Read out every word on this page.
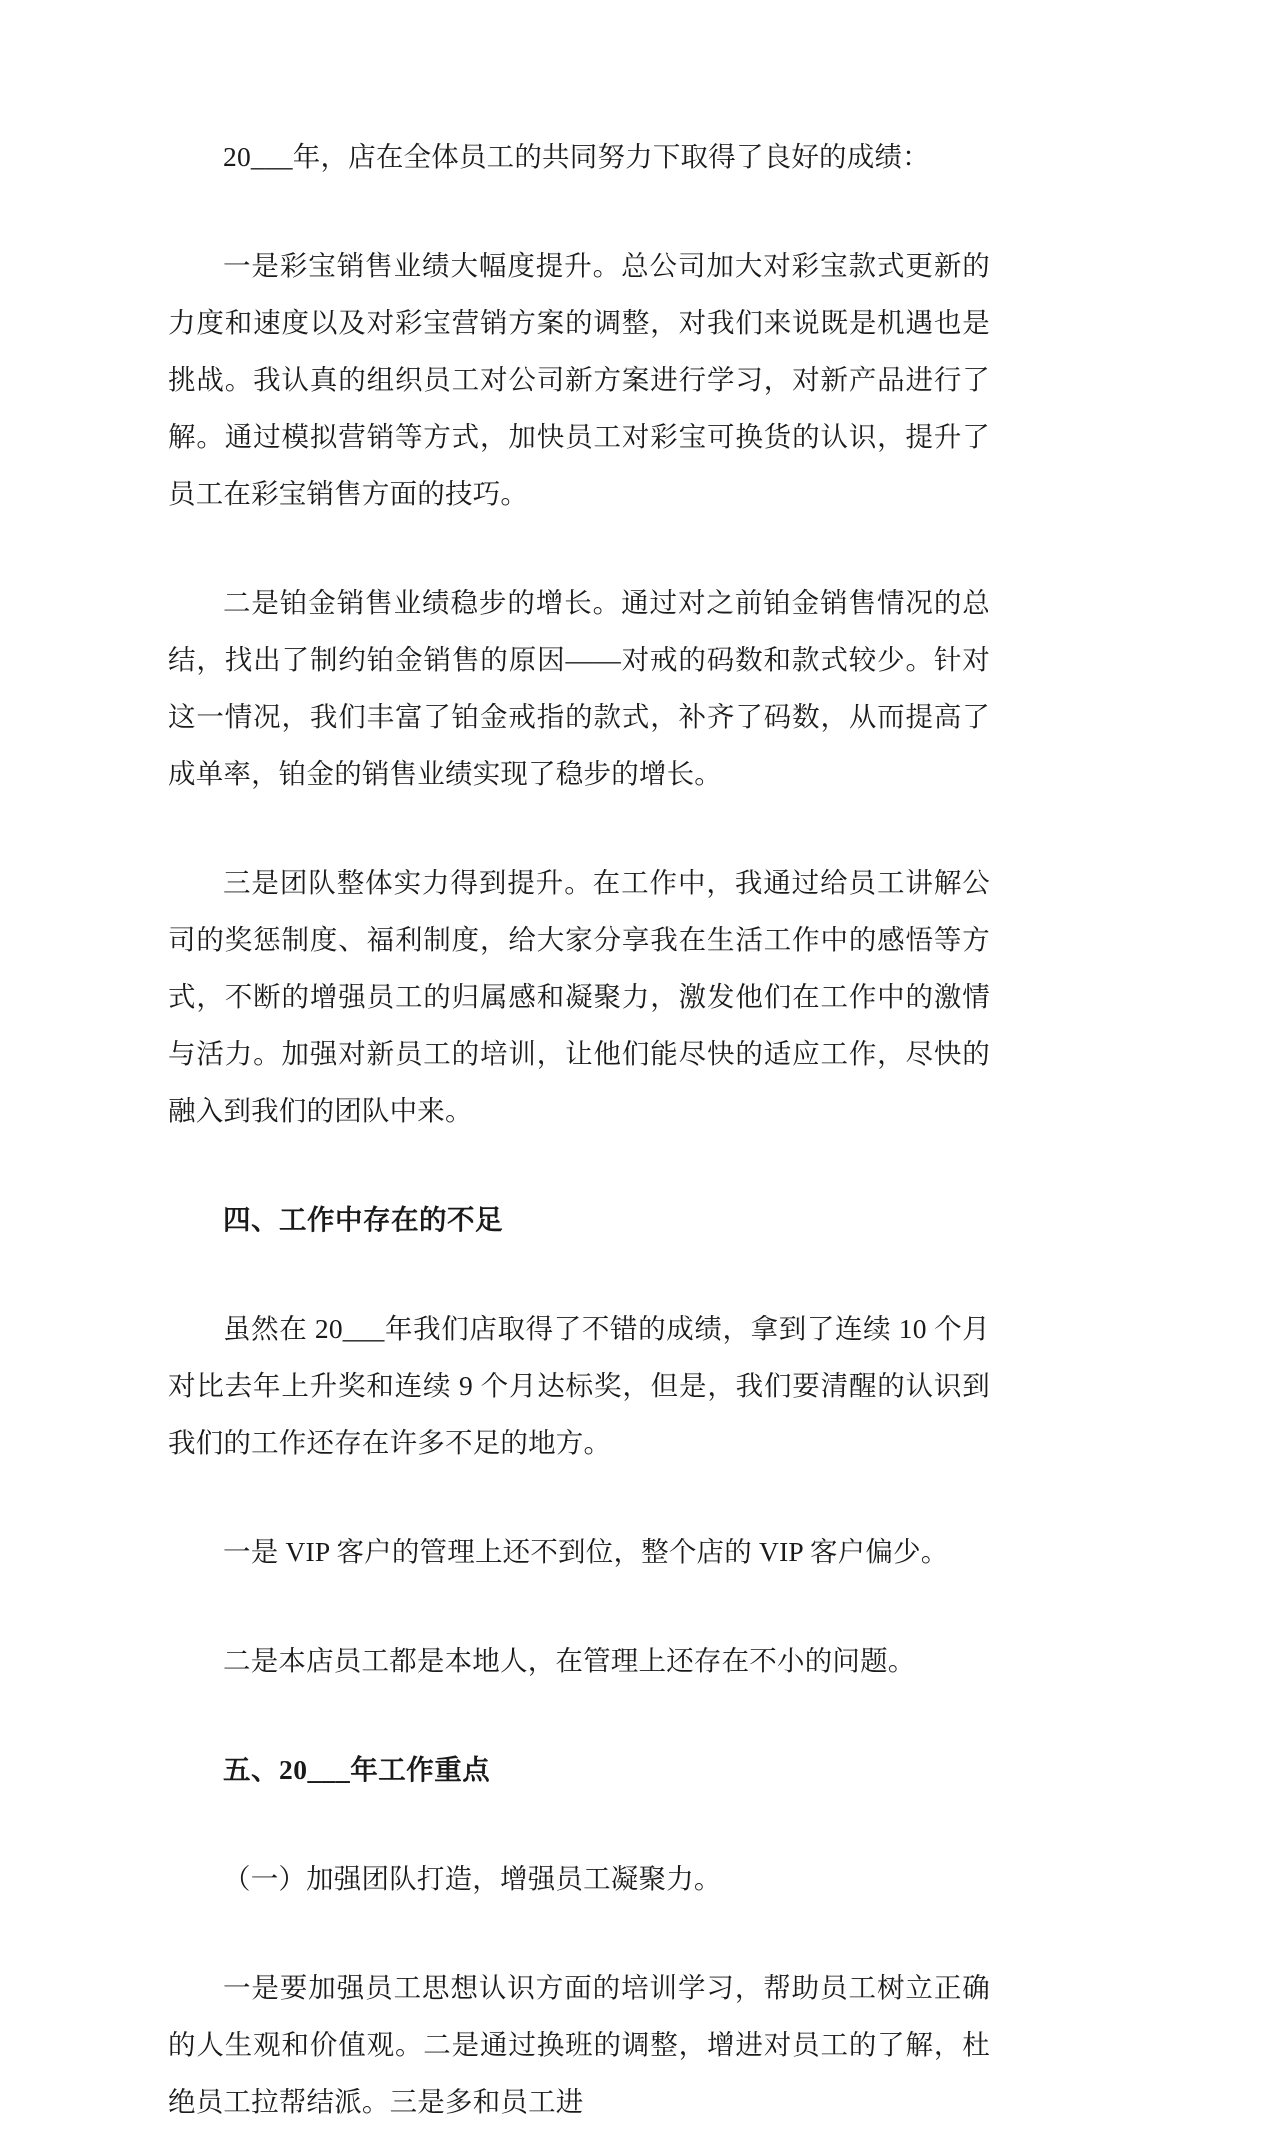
20___年，店在全体员工的共同努力下取得了良好的成绩：

一是彩宝销售业绩大幅度提升。总公司加大对彩宝款式更新的力度和速度以及对彩宝营销方案的调整，对我们来说既是机遇也是挑战。我认真的组织员工对公司新方案进行学习，对新产品进行了解。通过模拟营销等方式，加快员工对彩宝可换货的认识，提升了员工在彩宝销售方面的技巧。

二是铂金销售业绩稳步的增长。通过对之前铂金销售情况的总结，找出了制约铂金销售的原因——对戒的码数和款式较少。针对这一情况，我们丰富了铂金戒指的款式，补齐了码数，从而提高了成单率，铂金的销售业绩实现了稳步的增长。

三是团队整体实力得到提升。在工作中，我通过给员工讲解公司的奖惩制度、福利制度，给大家分享我在生活工作中的感悟等方式，不断的增强员工的归属感和凝聚力，激发他们在工作中的激情与活力。加强对新员工的培训，让他们能尽快的适应工作，尽快的融入到我们的团队中来。

四、工作中存在的不足

虽然在 20___年我们店取得了不错的成绩，拿到了连续 10 个月对比去年上升奖和连续 9 个月达标奖，但是，我们要清醒的认识到我们的工作还存在许多不足的地方。

一是 VIP 客户的管理上还不到位，整个店的 VIP 客户偏少。

二是本店员工都是本地人，在管理上还存在不小的问题。

五、20___年工作重点

（一）加强团队打造，增强员工凝聚力。

一是要加强员工思想认识方面的培训学习，帮助员工树立正确的人生观和价值观。二是通过换班的调整，增进对员工的了解，杜绝员工拉帮结派。三是多和员工进
